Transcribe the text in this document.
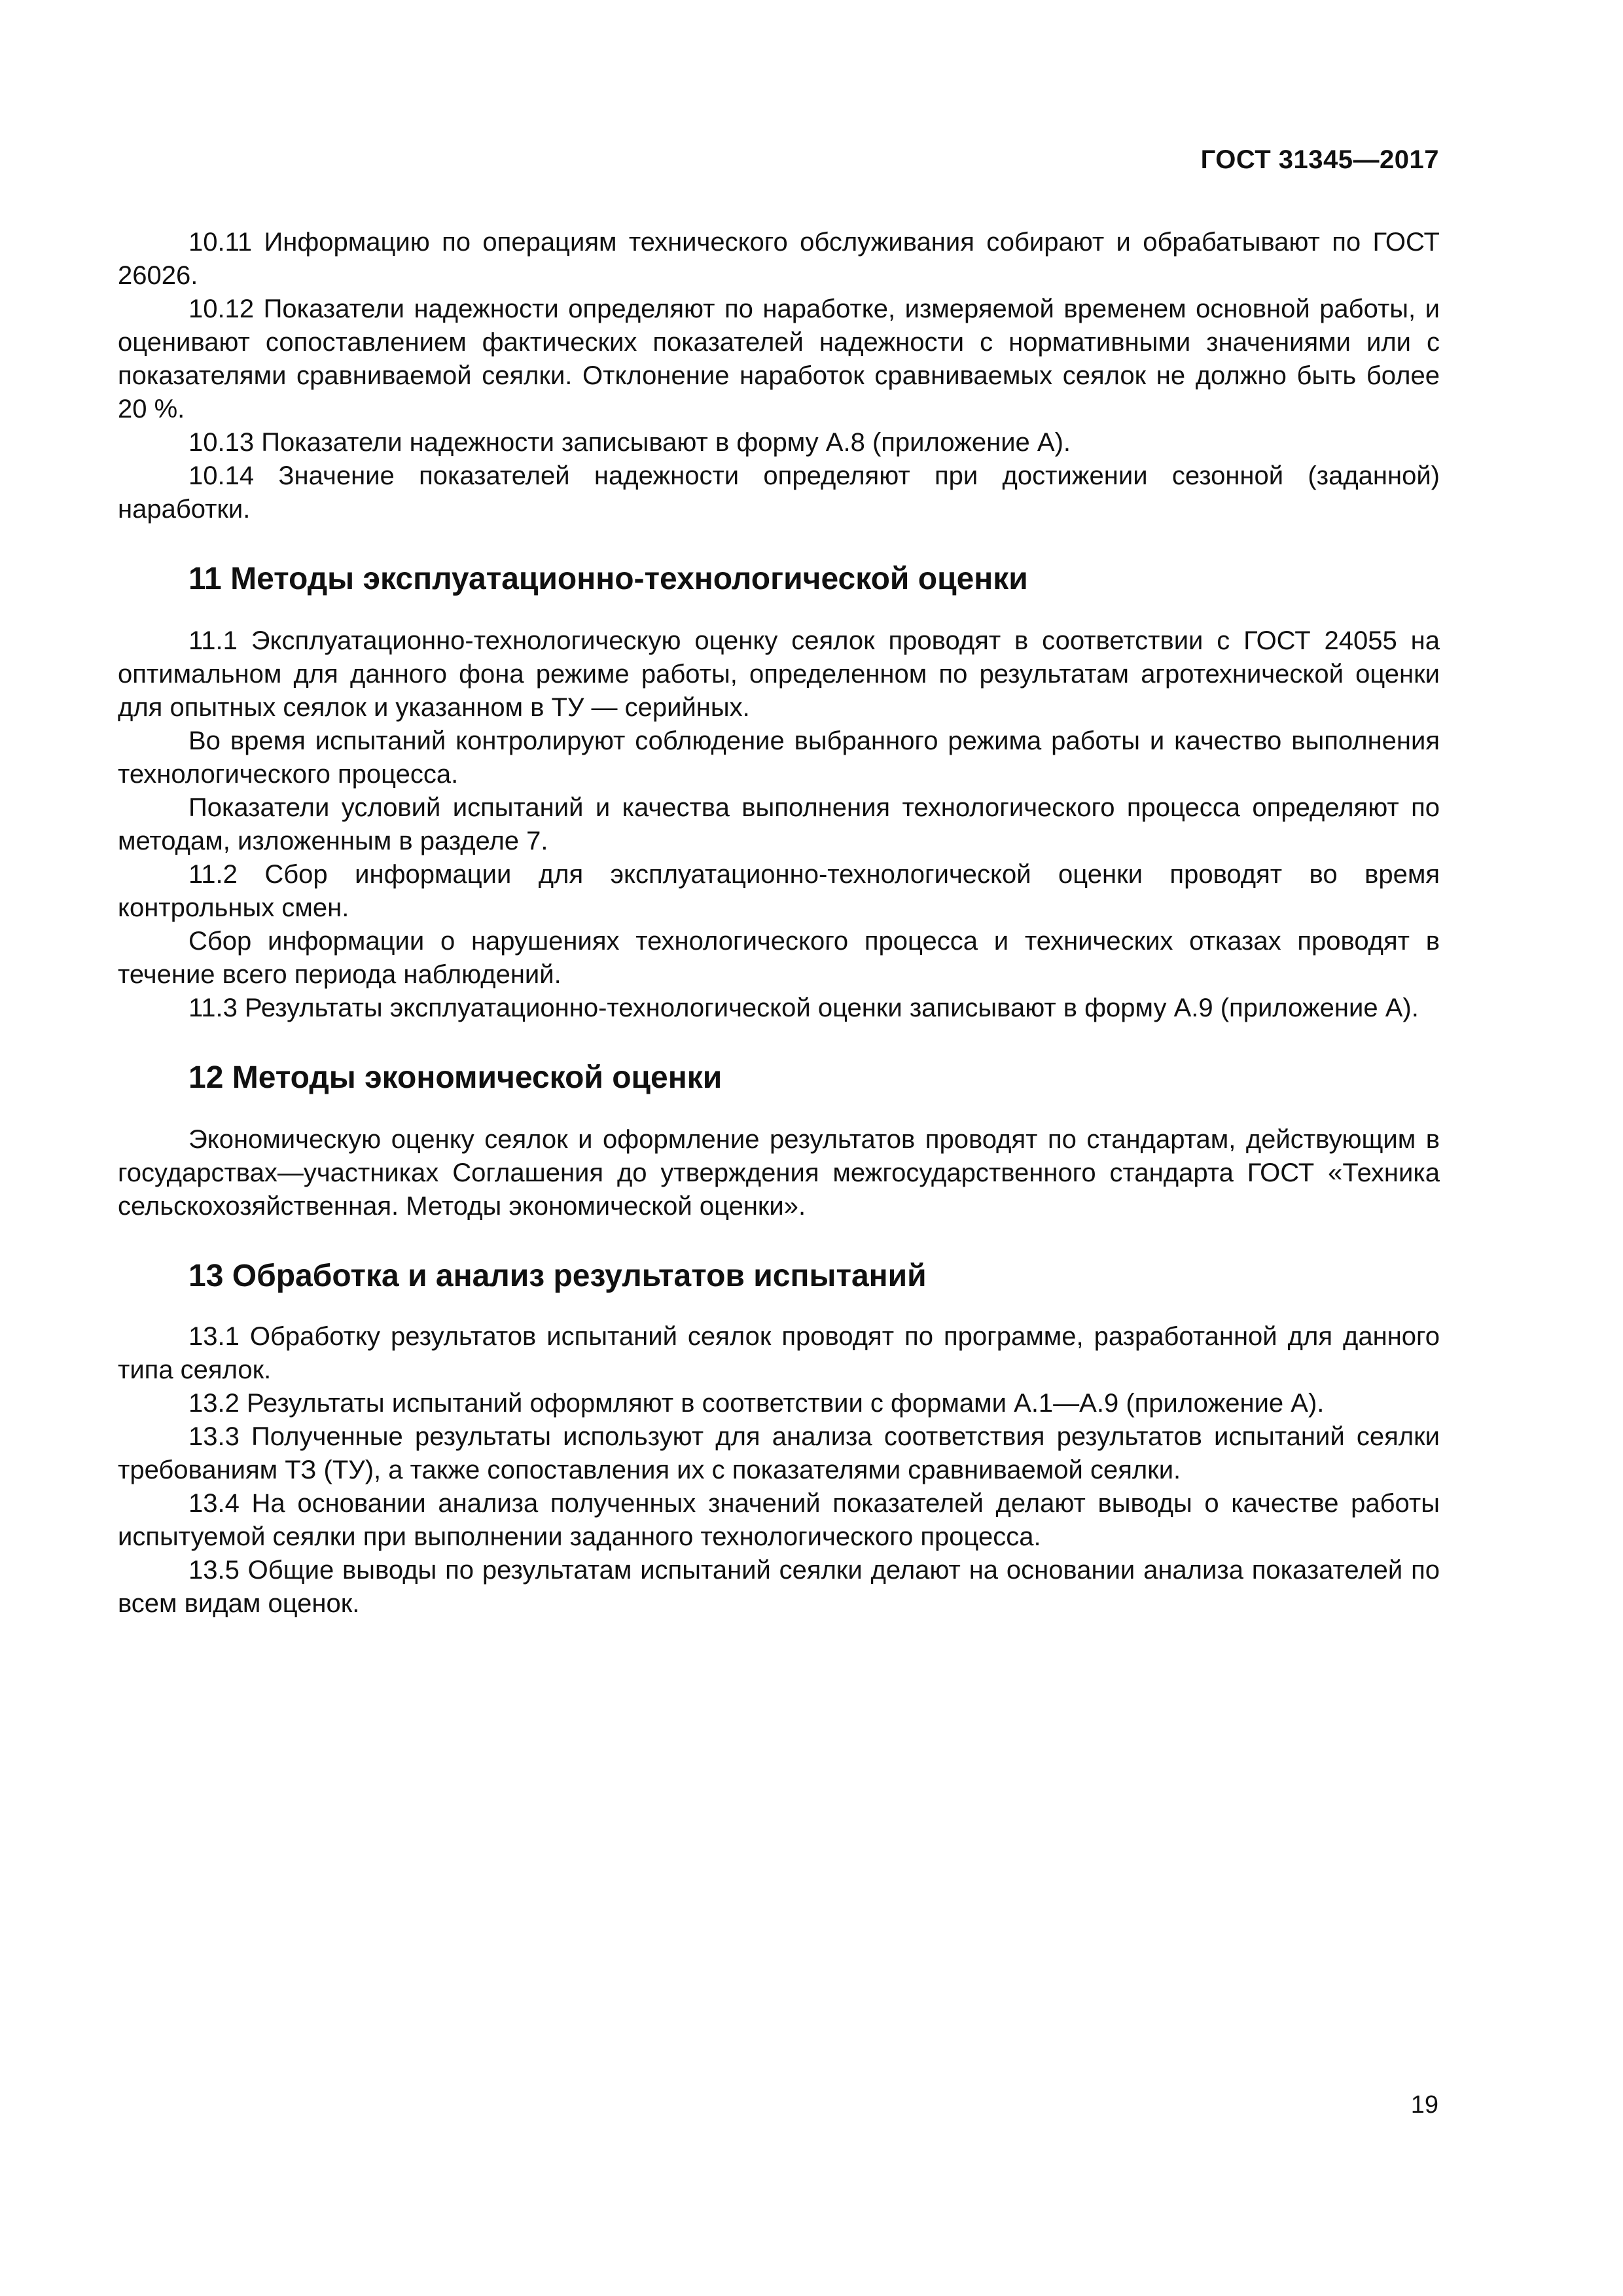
ГОСТ 31345—2017

10.11 Информацию по операциям технического обслуживания собирают и обрабатывают по ГОСТ 26026.

10.12 Показатели надежности определяют по наработке, измеряемой временем основной работы, и оценивают сопоставлением фактических показателей надежности с нормативными значениями или с показателями сравниваемой сеялки. Отклонение наработок сравниваемых сеялок не должно быть более 20 %.

10.13 Показатели надежности записывают в форму А.8 (приложение А).

10.14 Значение показателей надежности определяют при достижении сезонной (заданной) наработки.

11 Методы эксплуатационно-технологической оценки

11.1 Эксплуатационно-технологическую оценку сеялок проводят в соответствии с ГОСТ 24055 на оптимальном для данного фона режиме работы, определенном по результатам агротехнической оценки для опытных сеялок и указанном в ТУ — серийных.

Во время испытаний контролируют соблюдение выбранного режима работы и качество выполнения технологического процесса.

Показатели условий испытаний и качества выполнения технологического процесса определяют по методам, изложенным в разделе 7.

11.2 Сбор информации для эксплуатационно-технологической оценки проводят во время контрольных смен.

Сбор информации о нарушениях технологического процесса и технических отказах проводят в течение всего периода наблюдений.

11.3 Результаты эксплуатационно-технологической оценки записывают в форму А.9 (приложение А).

12 Методы экономической оценки

Экономическую оценку сеялок и оформление результатов проводят по стандартам, действующим в государствах—участниках Соглашения до утверждения межгосударственного стандарта ГОСТ «Техника сельскохозяйственная. Методы экономической оценки».

13 Обработка и анализ результатов испытаний

13.1 Обработку результатов испытаний сеялок проводят по программе, разработанной для данного типа сеялок.

13.2 Результаты испытаний оформляют в соответствии с формами А.1—А.9 (приложение А).

13.3 Полученные результаты используют для анализа соответствия результатов испытаний сеялки требованиям ТЗ (ТУ), а также сопоставления их с показателями сравниваемой сеялки.

13.4 На основании анализа полученных значений показателей делают выводы о качестве работы испытуемой сеялки при выполнении заданного технологического процесса.

13.5 Общие выводы по результатам испытаний сеялки делают на основании анализа показателей по всем видам оценок.

19
